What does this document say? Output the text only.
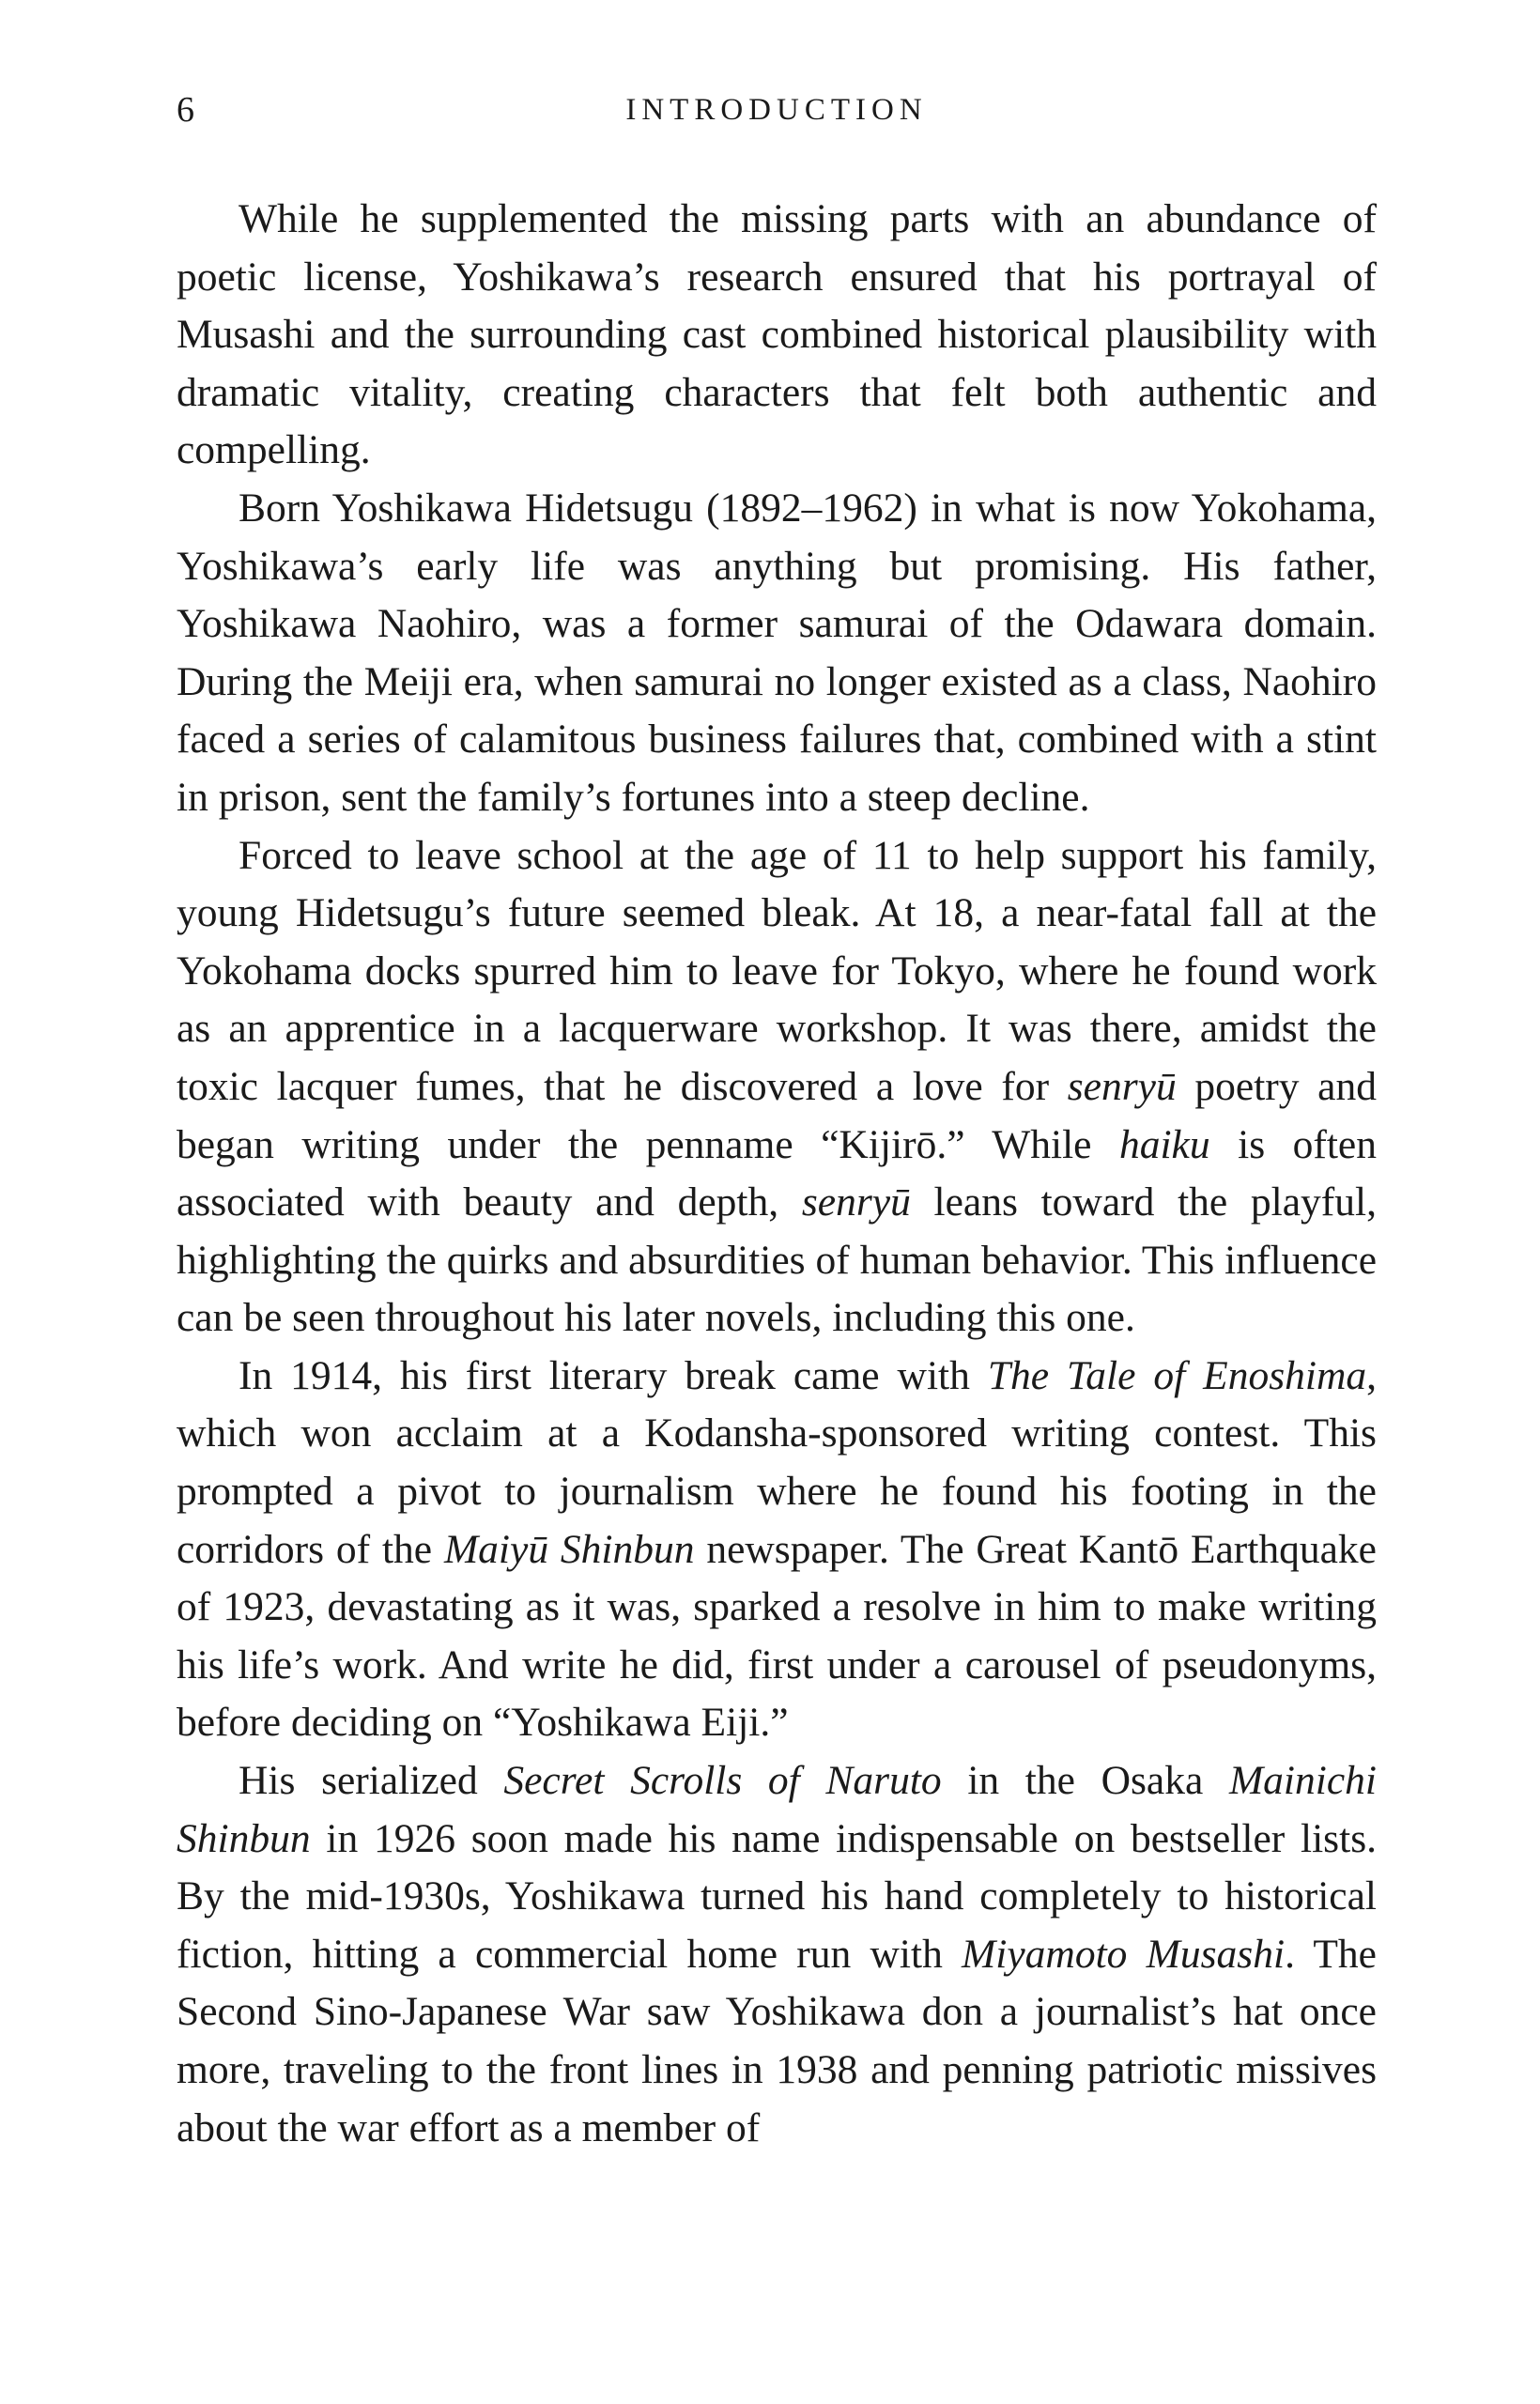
6	INTRODUCTION

While he supplemented the missing parts with an abundance of poetic license, Yoshikawa’s research ensured that his portrayal of Musashi and the surrounding cast combined historical plausibility with dramatic vitality, creating characters that felt both authentic and compelling.

Born Yoshikawa Hidetsugu (1892–1962) in what is now Yokohama, Yoshikawa’s early life was anything but promising. His father, Yoshikawa Naohiro, was a former samurai of the Odawara domain. During the Meiji era, when samurai no longer existed as a class, Naohiro faced a series of calamitous business failures that, combined with a stint in prison, sent the family’s fortunes into a steep decline.

Forced to leave school at the age of 11 to help support his family, young Hidetsugu’s future seemed bleak. At 18, a near-fatal fall at the Yokohama docks spurred him to leave for Tokyo, where he found work as an apprentice in a lacquerware workshop. It was there, amidst the toxic lacquer fumes, that he discovered a love for senryū poetry and began writing under the penname “Kijirō.” While haiku is often associated with beauty and depth, senryū leans toward the playful, highlighting the quirks and absurdities of human behavior. This influence can be seen throughout his later novels, including this one.

In 1914, his first literary break came with The Tale of Enoshima, which won acclaim at a Kodansha-sponsored writing contest. This prompted a pivot to journalism where he found his footing in the corridors of the Maiyū Shinbun newspaper. The Great Kantō Earthquake of 1923, devastating as it was, sparked a resolve in him to make writing his life’s work. And write he did, first under a carousel of pseudonyms, before deciding on “Yoshikawa Eiji.”

His serialized Secret Scrolls of Naruto in the Osaka Mainichi Shinbun in 1926 soon made his name indispensable on bestseller lists. By the mid-1930s, Yoshikawa turned his hand completely to historical fiction, hitting a commercial home run with Miyamoto Musashi. The Second Sino-Japanese War saw Yoshikawa don a journalist’s hat once more, traveling to the front lines in 1938 and penning patriotic missives about the war effort as a member of
